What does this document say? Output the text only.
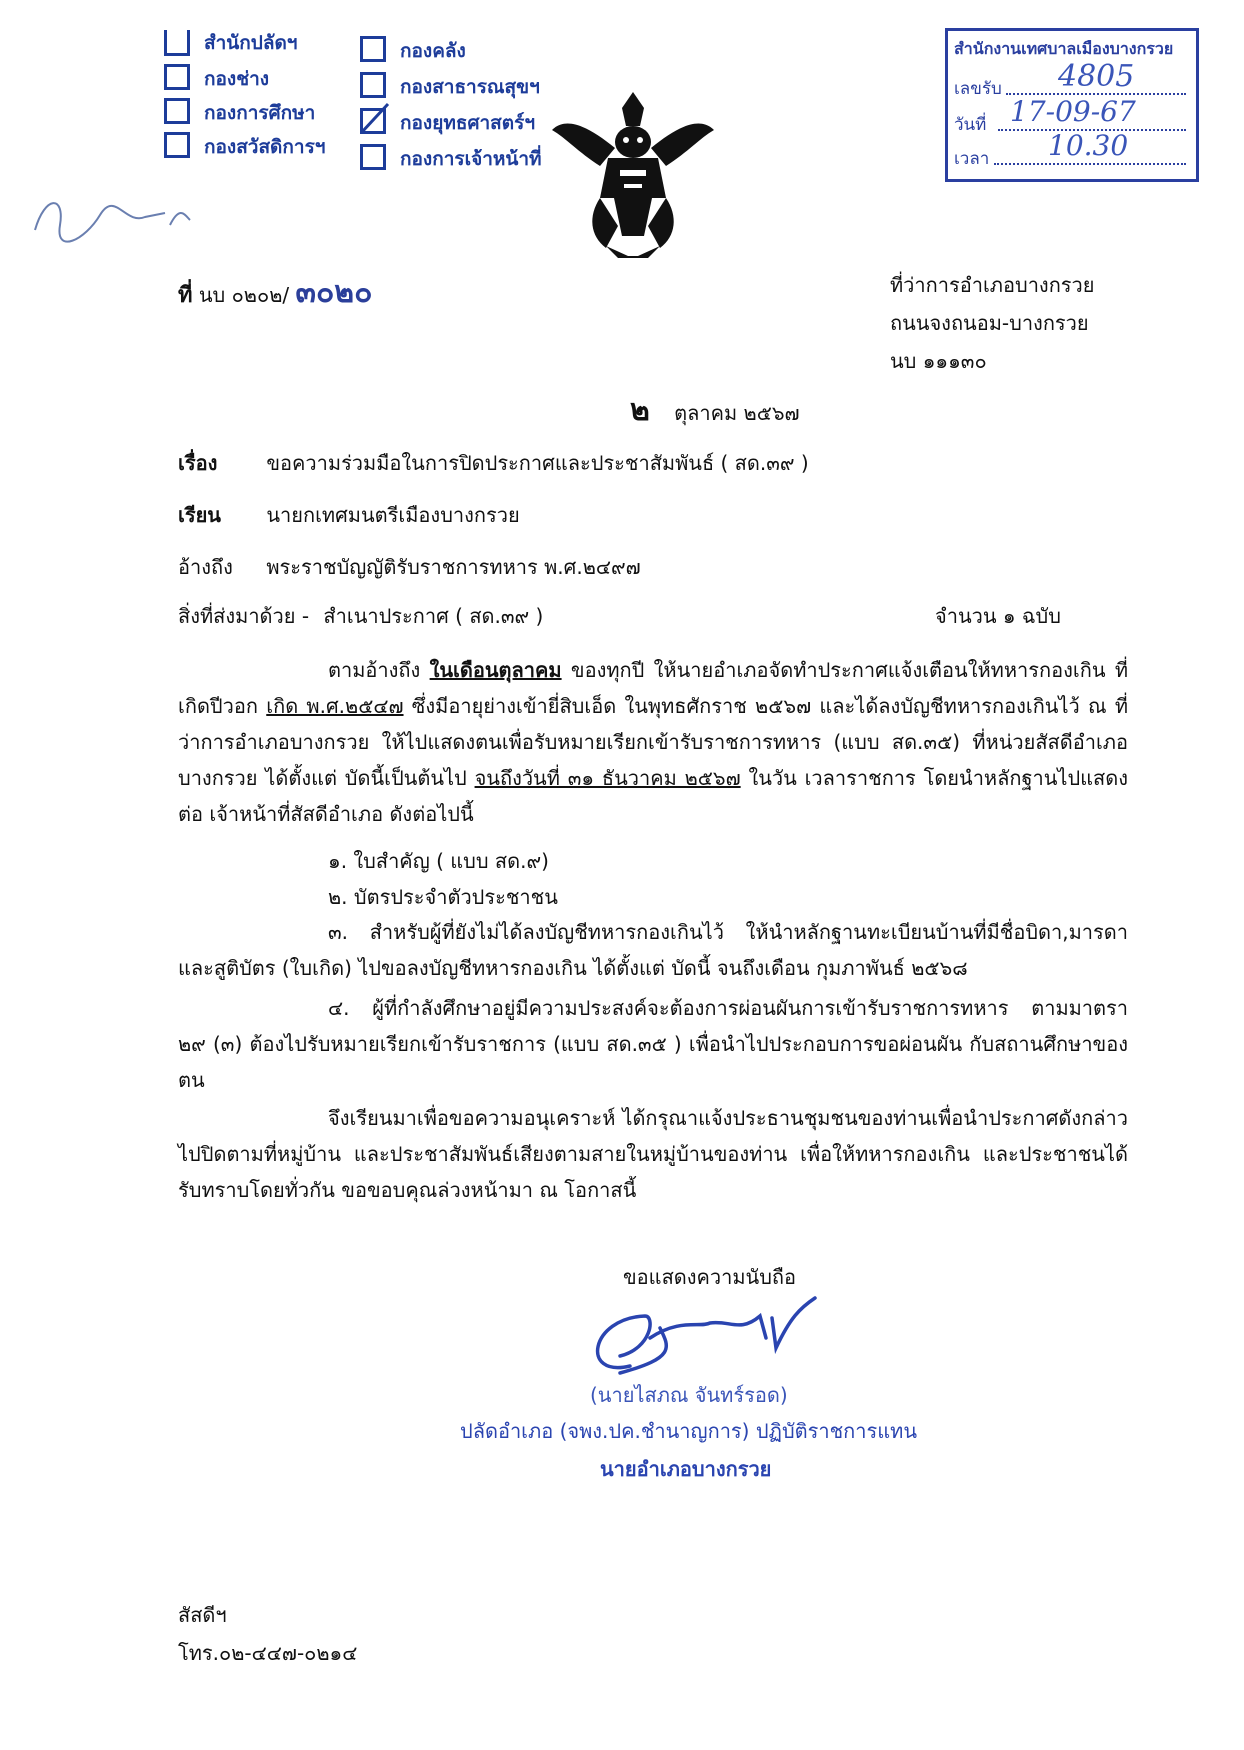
สำนักปลัดฯ
กองช่าง
กองการศึกษา
กองสวัสดิการฯ
กองคลัง
กองสาธารณสุขฯ
กองยุทธศาสตร์ฯ
กองการเจ้าหน้าที่
สำนักงานเทศบาลเมืองบางกรวย
เลขรับ 4805
วันที่ 17-09-67
เวลา 10.30
ที่ นบ ๐๒๐๒/ ๓๐๒๐	ที่ว่าการอำเภอบางกรวย
ถนนจงถนอม-บางกรวย
นบ ๑๑๑๓๐
๒ ตุลาคม ๒๕๖๗
เรื่อง ขอความร่วมมือในการปิดประกาศและประชาสัมพันธ์ ( สด.๓๙ )
เรียน นายกเทศมนตรีเมืองบางกรวย
อ้างถึง พระราชบัญญัติรับราชการทหาร พ.ศ.๒๔๙๗
สิ่งที่ส่งมาด้วย - สำเนาประกาศ ( สด.๓๙ )	จำนวน ๑ ฉบับ
ตามอ้างถึง ในเดือนตุลาคม ของทุกปี ให้นายอำเภอจัดทำประกาศแจ้งเตือนให้ทหารกองเกิน ที่เกิดปีวอก เกิด พ.ศ.๒๕๔๗ ซึ่งมีอายุย่างเข้ายี่สิบเอ็ด ในพุทธศักราช ๒๕๖๗ และได้ลงบัญชีทหารกองเกินไว้ ณ ที่ว่าการอำเภอบางกรวย ให้ไปแสดงตนเพื่อรับหมายเรียกเข้ารับราชการทหาร (แบบ สด.๓๕) ที่หน่วยสัสดีอำเภอบางกรวย ได้ตั้งแต่ บัดนี้เป็นต้นไป จนถึงวันที่ ๓๑ ธันวาคม ๒๕๖๗ ในวัน เวลาราชการ โดยนำหลักฐานไปแสดงต่อ เจ้าหน้าที่สัสดีอำเภอ ดังต่อไปนี้
๑. ใบสำคัญ ( แบบ สด.๙)
๒. บัตรประจำตัวประชาชน
๓. สำหรับผู้ที่ยังไม่ได้ลงบัญชีทหารกองเกินไว้ ให้นำหลักฐานทะเบียนบ้านที่มีชื่อบิดา,มารดา และสูติบัตร (ใบเกิด) ไปขอลงบัญชีทหารกองเกิน ได้ตั้งแต่ บัดนี้ จนถึงเดือน กุมภาพันธ์ ๒๕๖๘
๔. ผู้ที่กำลังศึกษาอยู่มีความประสงค์จะต้องการผ่อนผันการเข้ารับราชการทหาร ตามมาตรา ๒๙ (๓) ต้องไปรับหมายเรียกเข้ารับราชการ (แบบ สด.๓๕ ) เพื่อนำไปประกอบการขอผ่อนผัน กับสถานศึกษาของตน
จึงเรียนมาเพื่อขอความอนุเคราะห์ ได้กรุณาแจ้งประธานชุมชนของท่านเพื่อนำประกาศดังกล่าวไปปิดตามที่หมู่บ้าน และประชาสัมพันธ์เสียงตามสายในหมู่บ้านของท่าน เพื่อให้ทหารกองเกิน และประชาชนได้รับทราบโดยทั่วกัน ขอขอบคุณล่วงหน้ามา ณ โอกาสนี้
ขอแสดงความนับถือ
(นายไสภณ จันทร์รอด)
ปลัดอำเภอ (จพง.ปค.ชำนาญการ) ปฏิบัติราชการแทน
นายอำเภอบางกรวย
สัสดีฯ
โทร.๐๒-๔๔๗-๐๒๑๔
